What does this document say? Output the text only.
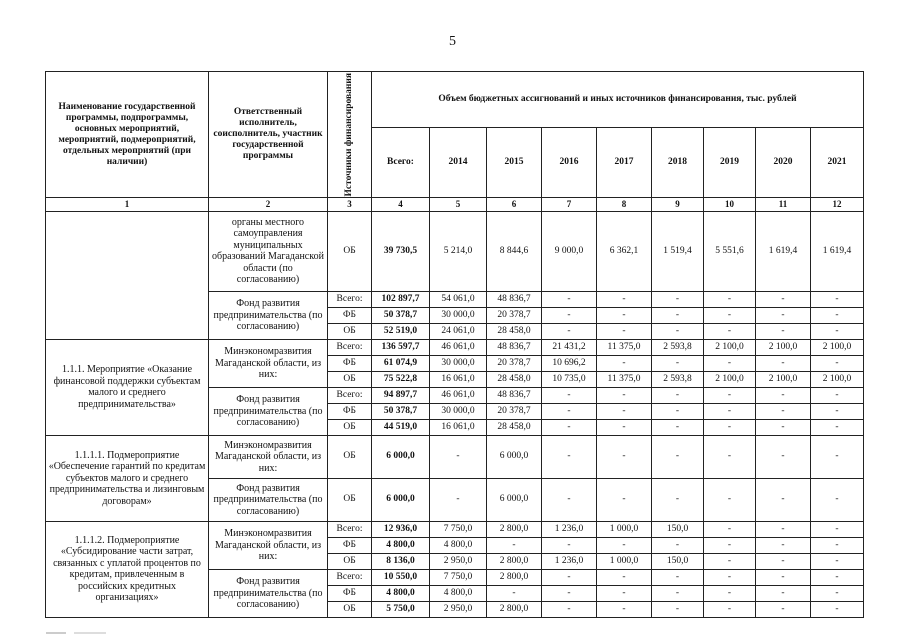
5
Наименование государственной программы, подпрограммы, основных мероприятий, мероприятий, подмероприятий, отдельных мероприятий (при наличии)	Ответственный исполнитель, соисполнитель, участник государственной программы	Источники финансирования	Объем бюджетных ассигнований и иных источников финансирования, тыс. рублей								
			Всего:	2014	2015	2016	2017	2018	2019	2020	2021
1	2	3	4	5	6	7	8	9	10	11	12
	органы местного самоуправления муниципальных образований Магаданской области (по согласованию)	ОБ	39 730,5	5 214,0	8 844,6	9 000,0	6 362,1	1 519,4	5 551,6	1 619,4	1 619,4
	Фонд развития предпринимательства (по согласованию)	Всего:	102 897,7	54 061,0	48 836,7	-	-	-	-	-	-
		ФБ	50 378,7	30 000,0	20 378,7	-	-	-	-	-	-
		ОБ	52 519,0	24 061,0	28 458,0	-	-	-	-	-	-
1.1.1. Мероприятие «Оказание финансовой поддержки субъектам малого и среднего предпринимательства»	Минэкономразвития Магаданской области, из них:	Всего:	136 597,7	46 061,0	48 836,7	21 431,2	11 375,0	2 593,8	2 100,0	2 100,0	2 100,0
		ФБ	61 074,9	30 000,0	20 378,7	10 696,2	-	-	-	-	-
		ОБ	75 522,8	16 061,0	28 458,0	10 735,0	11 375,0	2 593,8	2 100,0	2 100,0	2 100,0
	Фонд развития предпринимательства (по согласованию)	Всего:	94 897,7	46 061,0	48 836,7	-	-	-	-	-	-
		ФБ	50 378,7	30 000,0	20 378,7	-	-	-	-	-	-
		ОБ	44 519,0	16 061,0	28 458,0	-	-	-	-	-	-
1.1.1.1. Подмероприятие «Обеспечение гарантий по кредитам субъектов малого и среднего предпринимательства и лизинговым договорам»	Минэкономразвития Магаданской области, из них:	ОБ	6 000,0	-	6 000,0	-	-	-	-	-	-
	Фонд развития предпринимательства (по согласованию)	ОБ	6 000,0	-	6 000,0	-	-	-	-	-	-
1.1.1.2. Подмероприятие «Субсидирование части затрат, связанных с уплатой процентов по кредитам, привлеченным в российских кредитных организациях»	Минэкономразвития Магаданской области, из них:	Всего:	12 936,0	7 750,0	2 800,0	1 236,0	1 000,0	150,0	-	-	-
		ФБ	4 800,0	4 800,0	-	-	-	-	-	-	-
		ОБ	8 136,0	2 950,0	2 800,0	1 236,0	1 000,0	150,0	-	-	-
	Фонд развития предпринимательства (по согласованию)	Всего:	10 550,0	7 750,0	2 800,0	-	-	-	-	-	-
		ФБ	4 800,0	4 800,0	-	-	-	-	-	-	-
		ОБ	5 750,0	2 950,0	2 800,0	-	-	-	-	-	-
